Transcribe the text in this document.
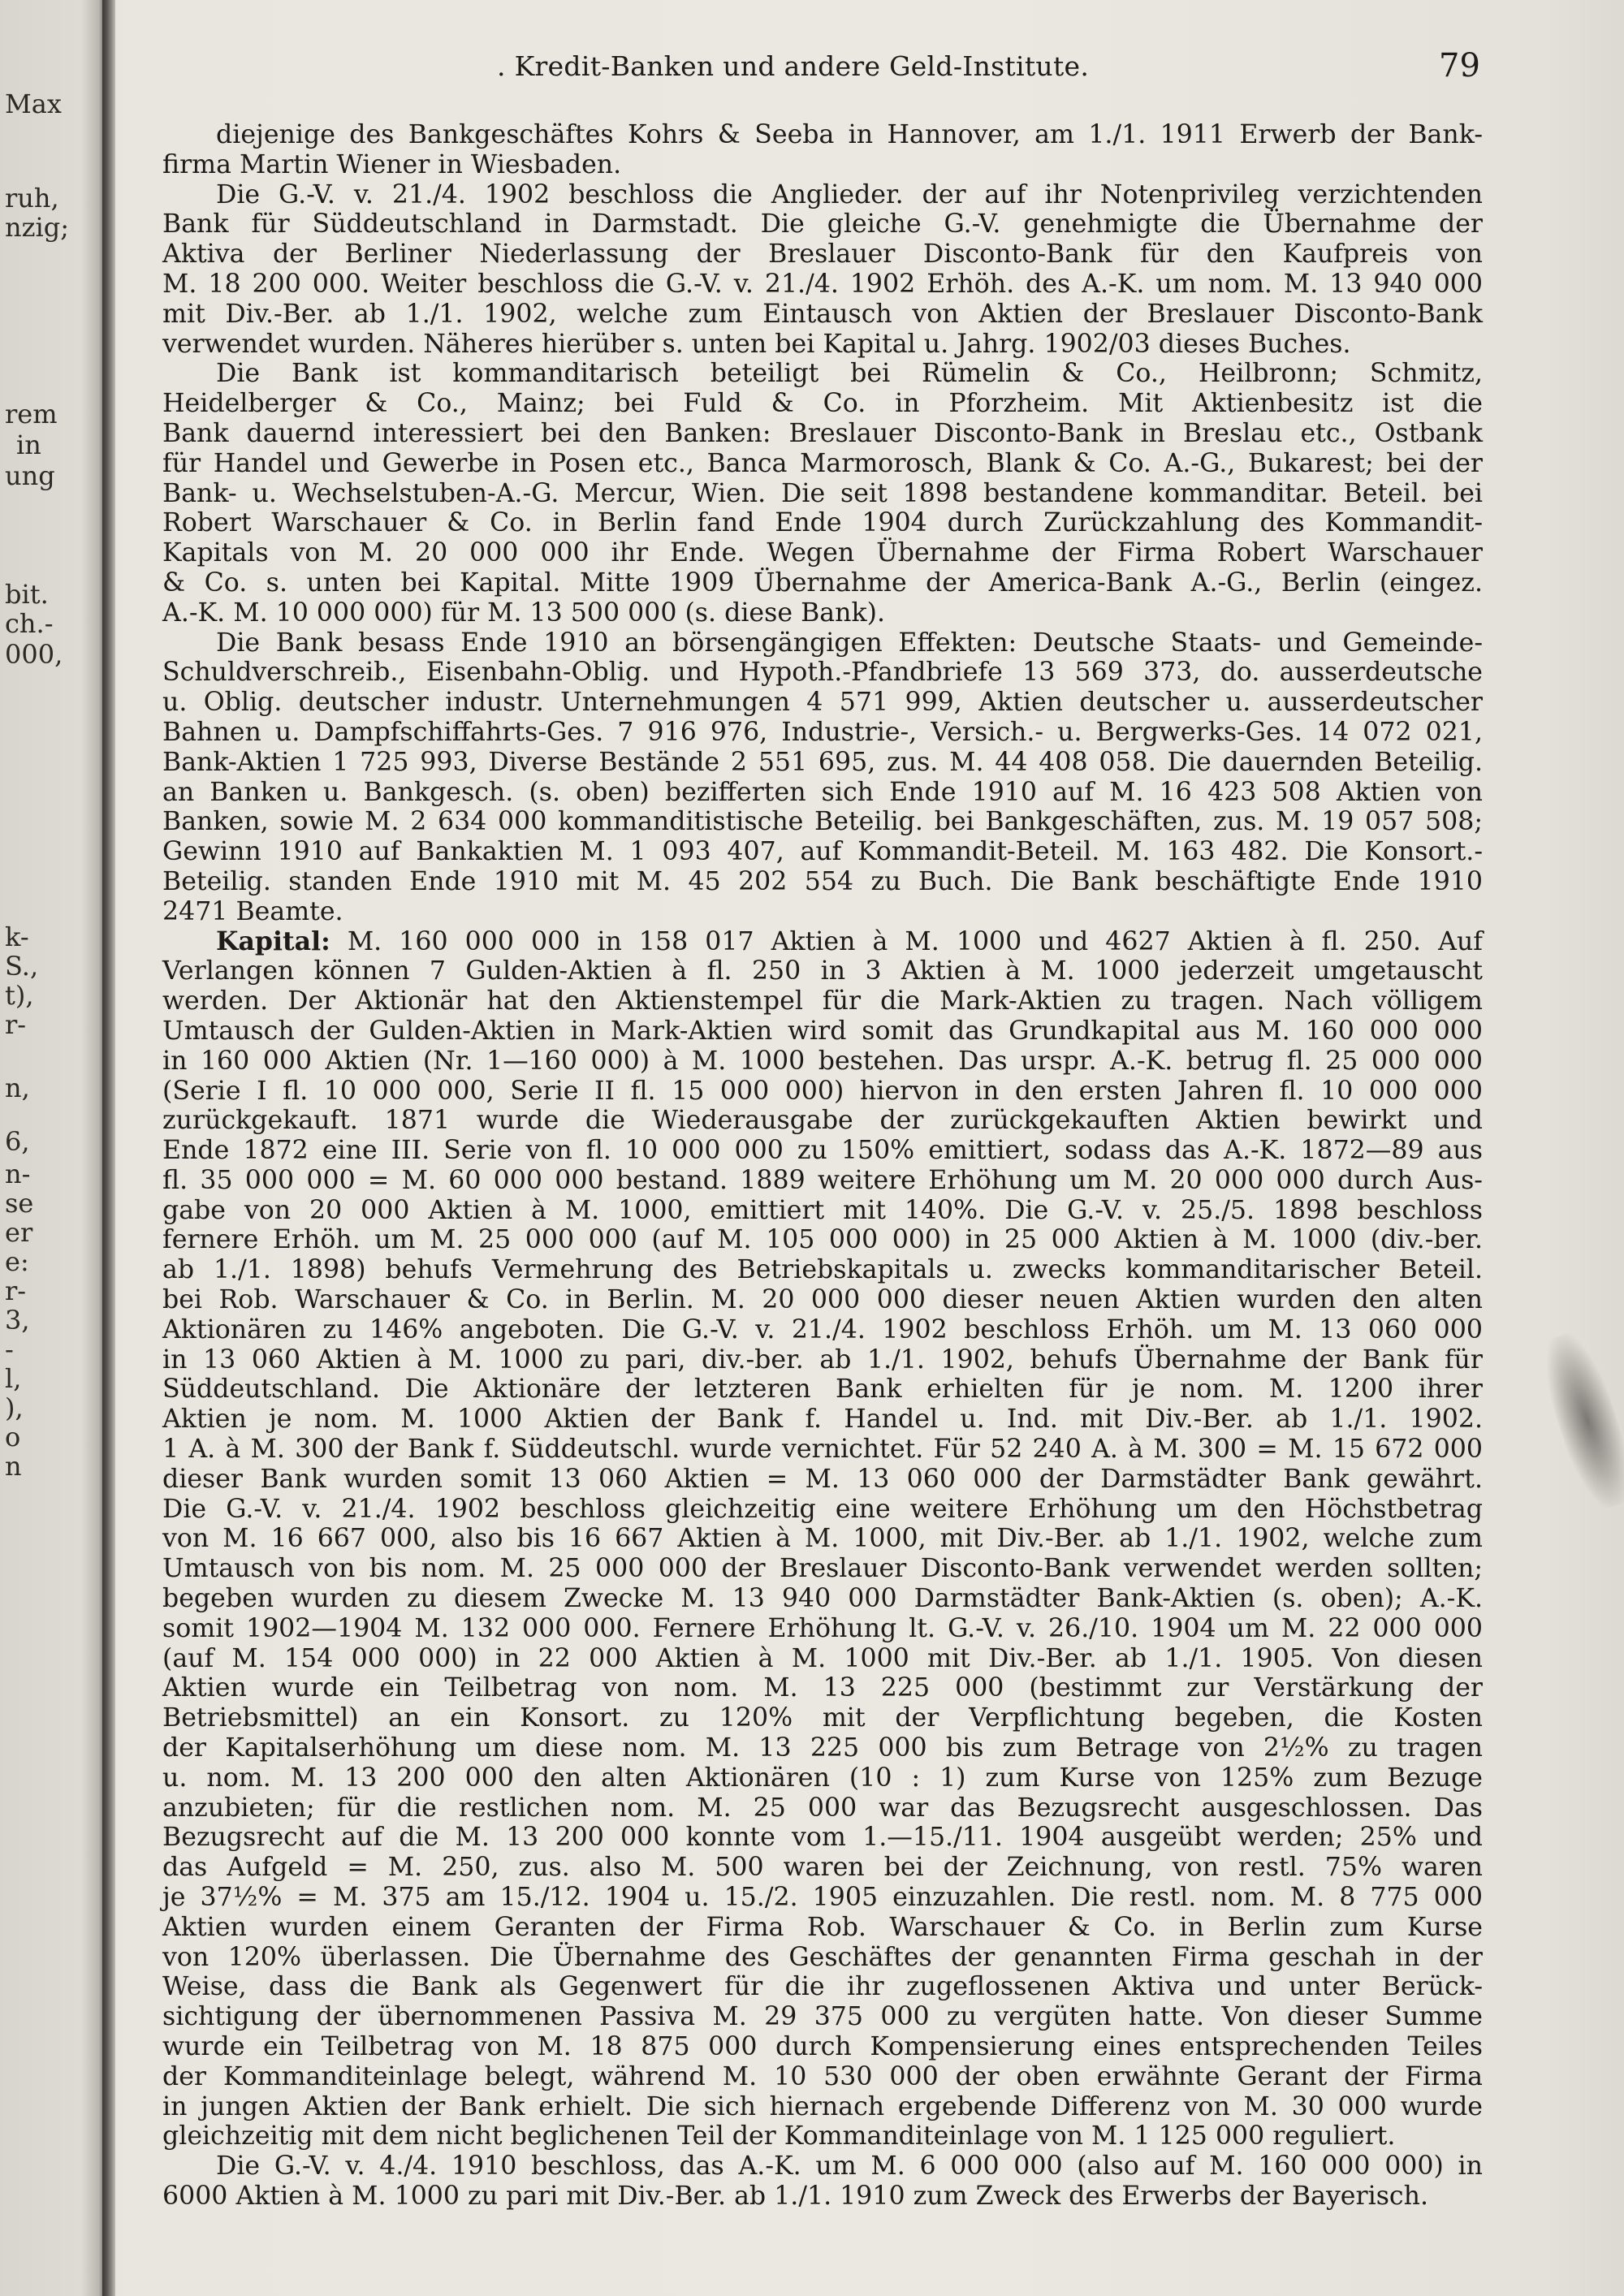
Max
ruh,
nzig;
rem
in
ung
bit.
ch.-
000,
k-
S.,
t),
r-
n,
6,
n-
se
er
e:
r-
3,
-
l,
),
o
n
. Kredit-Banken und andere Geld-Institute.	79
diejenige des Bankgeschäftes Kohrs & Seeba in Hannover, am 1./1. 1911 Erwerb der Bank-
firma Martin Wiener in Wiesbaden.
Die G.-V. v. 21./4. 1902 beschloss die Anglieder. der auf ihr Notenprivileg verzichtenden
Bank für Süddeutschland in Darmstadt. Die gleiche G.-V. genehmigte die Übernahme der
Aktiva der Berliner Niederlassung der Breslauer Disconto-Bank für den Kaufpreis von
M. 18 200 000. Weiter beschloss die G.-V. v. 21./4. 1902 Erhöh. des A.-K. um nom. M. 13 940 000
mit Div.-Ber. ab 1./1. 1902, welche zum Eintausch von Aktien der Breslauer Disconto-Bank
verwendet wurden. Näheres hierüber s. unten bei Kapital u. Jahrg. 1902/03 dieses Buches.
Die Bank ist kommanditarisch beteiligt bei Rümelin & Co., Heilbronn; Schmitz,
Heidelberger & Co., Mainz; bei Fuld & Co. in Pforzheim. Mit Aktienbesitz ist die
Bank dauernd interessiert bei den Banken: Breslauer Disconto-Bank in Breslau etc., Ostbank
für Handel und Gewerbe in Posen etc., Banca Marmorosch, Blank & Co. A.-G., Bukarest; bei der
Bank- u. Wechselstuben-A.-G. Mercur, Wien. Die seit 1898 bestandene kommanditar. Beteil. bei
Robert Warschauer & Co. in Berlin fand Ende 1904 durch Zurückzahlung des Kommandit-
Kapitals von M. 20 000 000 ihr Ende. Wegen Übernahme der Firma Robert Warschauer
& Co. s. unten bei Kapital. Mitte 1909 Übernahme der America-Bank A.-G., Berlin (eingez.
A.-K. M. 10 000 000) für M. 13 500 000 (s. diese Bank).
Die Bank besass Ende 1910 an börsengängigen Effekten: Deutsche Staats- und Gemeinde-
Schuldverschreib., Eisenbahn-Oblig. und Hypoth.-Pfandbriefe 13 569 373, do. ausserdeutsche
u. Oblig. deutscher industr. Unternehmungen 4 571 999, Aktien deutscher u. ausserdeutscher
Bahnen u. Dampfschiffahrts-Ges. 7 916 976, Industrie-, Versich.- u. Bergwerks-Ges. 14 072 021,
Bank-Aktien 1 725 993, Diverse Bestände 2 551 695, zus. M. 44 408 058. Die dauernden Beteilig.
an Banken u. Bankgesch. (s. oben) bezifferten sich Ende 1910 auf M. 16 423 508 Aktien von
Banken, sowie M. 2 634 000 kommanditistische Beteilig. bei Bankgeschäften, zus. M. 19 057 508;
Gewinn 1910 auf Bankaktien M. 1 093 407, auf Kommandit-Beteil. M. 163 482. Die Konsort.-
Beteilig. standen Ende 1910 mit M. 45 202 554 zu Buch. Die Bank beschäftigte Ende 1910
2471 Beamte.
Kapital: M. 160 000 000 in 158 017 Aktien à M. 1000 und 4627 Aktien à fl. 250. Auf
Verlangen können 7 Gulden-Aktien à fl. 250 in 3 Aktien à M. 1000 jederzeit umgetauscht
werden. Der Aktionär hat den Aktienstempel für die Mark-Aktien zu tragen. Nach völligem
Umtausch der Gulden-Aktien in Mark-Aktien wird somit das Grundkapital aus M. 160 000 000
in 160 000 Aktien (Nr. 1—160 000) à M. 1000 bestehen. Das urspr. A.-K. betrug fl. 25 000 000
(Serie I fl. 10 000 000, Serie II fl. 15 000 000) hiervon in den ersten Jahren fl. 10 000 000
zurückgekauft. 1871 wurde die Wiederausgabe der zurückgekauften Aktien bewirkt und
Ende 1872 eine III. Serie von fl. 10 000 000 zu 150% emittiert, sodass das A.-K. 1872—89 aus
fl. 35 000 000 = M. 60 000 000 bestand. 1889 weitere Erhöhung um M. 20 000 000 durch Aus-
gabe von 20 000 Aktien à M. 1000, emittiert mit 140%. Die G.-V. v. 25./5. 1898 beschloss
fernere Erhöh. um M. 25 000 000 (auf M. 105 000 000) in 25 000 Aktien à M. 1000 (div.-ber.
ab 1./1. 1898) behufs Vermehrung des Betriebskapitals u. zwecks kommanditarischer Beteil.
bei Rob. Warschauer & Co. in Berlin. M. 20 000 000 dieser neuen Aktien wurden den alten
Aktionären zu 146% angeboten. Die G.-V. v. 21./4. 1902 beschloss Erhöh. um M. 13 060 000
in 13 060 Aktien à M. 1000 zu pari, div.-ber. ab 1./1. 1902, behufs Übernahme der Bank für
Süddeutschland. Die Aktionäre der letzteren Bank erhielten für je nom. M. 1200 ihrer
Aktien je nom. M. 1000 Aktien der Bank f. Handel u. Ind. mit Div.-Ber. ab 1./1. 1902.
1 A. à M. 300 der Bank f. Süddeutschl. wurde vernichtet. Für 52 240 A. à M. 300 = M. 15 672 000
dieser Bank wurden somit 13 060 Aktien = M. 13 060 000 der Darmstädter Bank gewährt.
Die G.-V. v. 21./4. 1902 beschloss gleichzeitig eine weitere Erhöhung um den Höchstbetrag
von M. 16 667 000, also bis 16 667 Aktien à M. 1000, mit Div.-Ber. ab 1./1. 1902, welche zum
Umtausch von bis nom. M. 25 000 000 der Breslauer Disconto-Bank verwendet werden sollten;
begeben wurden zu diesem Zwecke M. 13 940 000 Darmstädter Bank-Aktien (s. oben); A.-K.
somit 1902—1904 M. 132 000 000. Fernere Erhöhung lt. G.-V. v. 26./10. 1904 um M. 22 000 000
(auf M. 154 000 000) in 22 000 Aktien à M. 1000 mit Div.-Ber. ab 1./1. 1905. Von diesen
Aktien wurde ein Teilbetrag von nom. M. 13 225 000 (bestimmt zur Verstärkung der
Betriebsmittel) an ein Konsort. zu 120% mit der Verpflichtung begeben, die Kosten
der Kapitalserhöhung um diese nom. M. 13 225 000 bis zum Betrage von 2½% zu tragen
u. nom. M. 13 200 000 den alten Aktionären (10 : 1) zum Kurse von 125% zum Bezuge
anzubieten; für die restlichen nom. M. 25 000 war das Bezugsrecht ausgeschlossen. Das
Bezugsrecht auf die M. 13 200 000 konnte vom 1.—15./11. 1904 ausgeübt werden; 25% und
das Aufgeld = M. 250, zus. also M. 500 waren bei der Zeichnung, von restl. 75% waren
je 37½% = M. 375 am 15./12. 1904 u. 15./2. 1905 einzuzahlen. Die restl. nom. M. 8 775 000
Aktien wurden einem Geranten der Firma Rob. Warschauer & Co. in Berlin zum Kurse
von 120% überlassen. Die Übernahme des Geschäftes der genannten Firma geschah in der
Weise, dass die Bank als Gegenwert für die ihr zugeflossenen Aktiva und unter Berück-
sichtigung der übernommenen Passiva M. 29 375 000 zu vergüten hatte. Von dieser Summe
wurde ein Teilbetrag von M. 18 875 000 durch Kompensierung eines entsprechenden Teiles
der Kommanditeinlage belegt, während M. 10 530 000 der oben erwähnte Gerant der Firma
in jungen Aktien der Bank erhielt. Die sich hiernach ergebende Differenz von M. 30 000 wurde
gleichzeitig mit dem nicht beglichenen Teil der Kommanditeinlage von M. 1 125 000 reguliert.
Die G.-V. v. 4./4. 1910 beschloss, das A.-K. um M. 6 000 000 (also auf M. 160 000 000) in
6000 Aktien à M. 1000 zu pari mit Div.-Ber. ab 1./1. 1910 zum Zweck des Erwerbs der Bayerisch.
